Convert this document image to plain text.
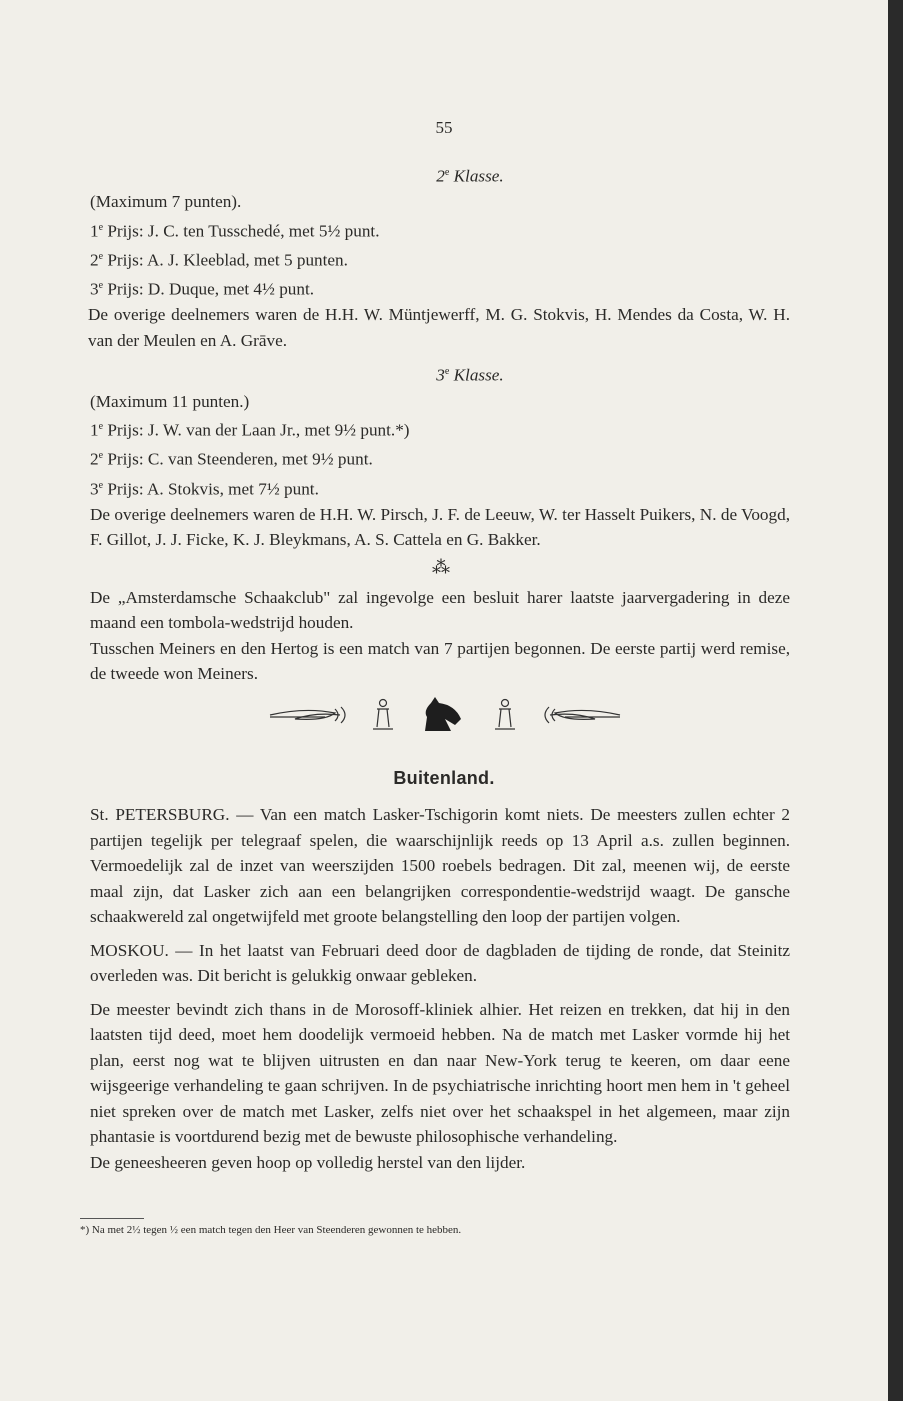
55
2e Klasse.

(Maximum 7 punten).

1e Prijs: J. C. ten Tusschedé, met 5½ punt.

2e Prijs: A. J. Kleeblad, met 5 punten.

3e Prijs: D. Duque, met 4½ punt.

De overige deelnemers waren de H.H. W. Müntjewerff, M. G. Stokvis, H. Mendes da Costa, W. H. van der Meulen en A. Grāve.

3e Klasse.

(Maximum 11 punten.)

1e Prijs: J. W. van der Laan Jr., met 9½ punt.*)

2e Prijs: C. van Steenderen, met 9½ punt.

3e Prijs: A. Stokvis, met 7½ punt.

De overige deelnemers waren de H.H. W. Pirsch, J. F. de Leeuw, W. ter Hasselt Puikers, N. de Voogd, F. Gillot, J. J. Ficke, K. J. Bleykmans, A. S. Cattela en G. Bakker.

⁂

De „Amsterdamsche Schaakclub" zal ingevolge een besluit harer laatste jaarvergadering in deze maand een tombola-wedstrijd houden.

Tusschen Meiners en den Hertog is een match van 7 partijen begonnen. De eerste partij werd remise, de tweede won Meiners.

Buitenland.

St. PETERSBURG. — Van een match Lasker-Tschigorin komt niets. De meesters zullen echter 2 partijen tegelijk per telegraaf spelen, die waarschijnlijk reeds op 13 April a.s. zullen beginnen. Vermoedelijk zal de inzet van weerszijden 1500 roebels bedragen. Dit zal, meenen wij, de eerste maal zijn, dat Lasker zich aan een belangrijken correspondentie-wedstrijd waagt. De gansche schaakwereld zal ongetwijfeld met groote belangstelling den loop der partijen volgen.

MOSKOU. — In het laatst van Februari deed door de dagbladen de tijding de ronde, dat Steinitz overleden was. Dit bericht is gelukkig onwaar gebleken.

De meester bevindt zich thans in de Morosoff-kliniek alhier. Het reizen en trekken, dat hij in den laatsten tijd deed, moet hem doodelijk vermoeid hebben. Na de match met Lasker vormde hij het plan, eerst nog wat te blijven uitrusten en dan naar New-York terug te keeren, om daar eene wijsgeerige verhandeling te gaan schrijven. In de psychiatrische inrichting hoort men hem in 't geheel niet spreken over de match met Lasker, zelfs niet over het schaakspel in het algemeen, maar zijn phantasie is voortdurend bezig met de bewuste philosophische verhandeling.

De geneesheeren geven hoop op volledig herstel van den lijder.

*) Na met 2½ tegen ½ een match tegen den Heer van Steenderen gewonnen te hebben.
